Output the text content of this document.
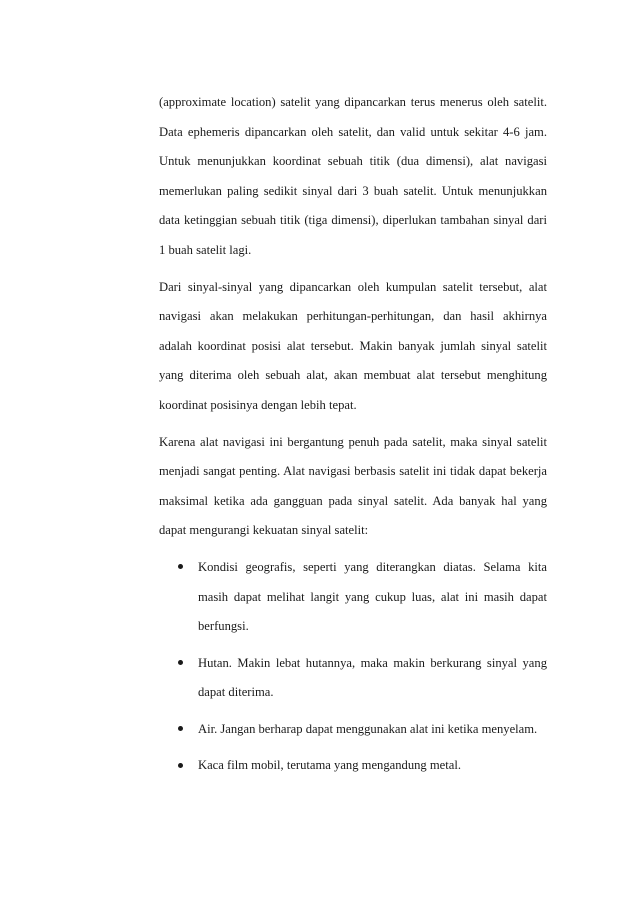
(approximate location) satelit yang dipancarkan terus menerus oleh satelit. Data ephemeris dipancarkan oleh satelit, dan valid untuk sekitar 4-6 jam. Untuk menunjukkan koordinat sebuah titik (dua dimensi), alat navigasi memerlukan paling sedikit sinyal dari 3 buah satelit. Untuk menunjukkan data ketinggian sebuah titik (tiga dimensi), diperlukan tambahan sinyal dari 1 buah satelit lagi.

Dari sinyal-sinyal yang dipancarkan oleh kumpulan satelit tersebut, alat navigasi akan melakukan perhitungan-perhitungan, dan hasil akhirnya adalah koordinat posisi alat tersebut. Makin banyak jumlah sinyal satelit yang diterima oleh sebuah alat, akan membuat alat tersebut menghitung koordinat posisinya dengan lebih tepat.

Karena alat navigasi ini bergantung penuh pada satelit, maka sinyal satelit menjadi sangat penting. Alat navigasi berbasis satelit ini tidak dapat bekerja maksimal ketika ada gangguan pada sinyal satelit. Ada banyak hal yang dapat mengurangi kekuatan sinyal satelit:

Kondisi geografis, seperti yang diterangkan diatas. Selama kita masih dapat melihat langit yang cukup luas, alat ini masih dapat berfungsi.
Hutan. Makin lebat hutannya, maka makin berkurang sinyal yang dapat diterima.
Air. Jangan berharap dapat menggunakan alat ini ketika menyelam.
Kaca film mobil, terutama yang mengandung metal.
